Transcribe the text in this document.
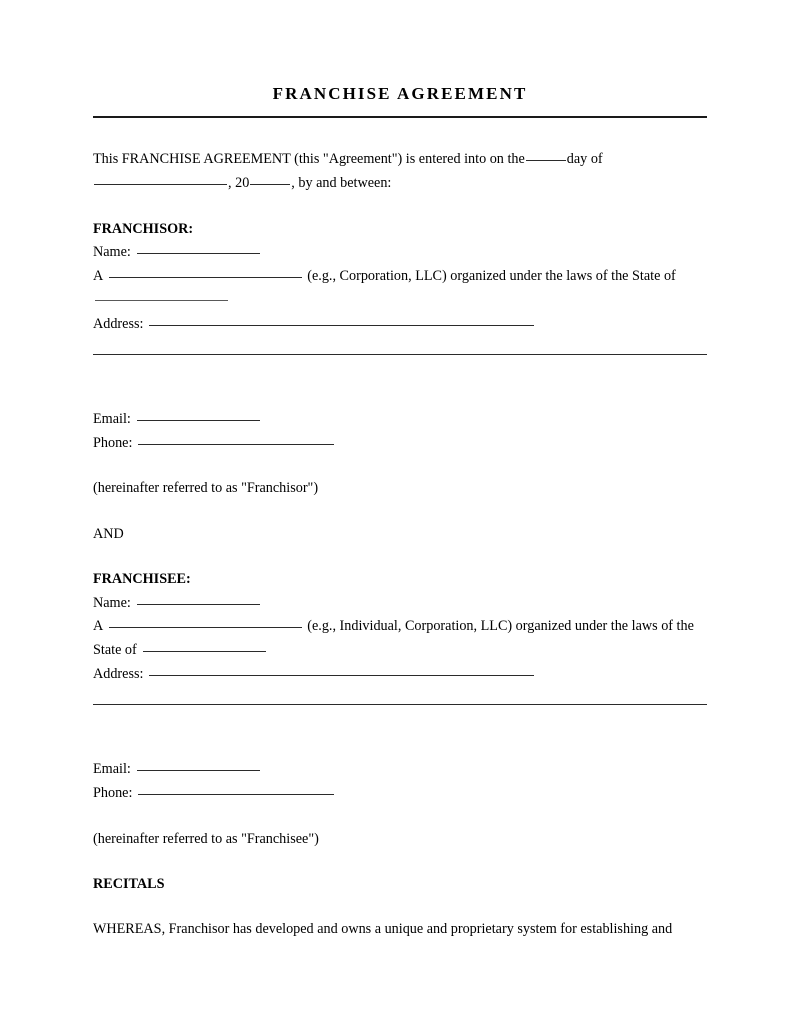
FRANCHISE AGREEMENT
This FRANCHISE AGREEMENT (this "Agreement") is entered into on the	day of
, 20	, by and between:
FRANCHISOR:
Name:
A	(e.g., Corporation, LLC) organized under the laws of the State of
Address:
Email:
Phone:
(hereinafter referred to as "Franchisor")
AND
FRANCHISEE:
Name:
A	(e.g., Individual, Corporation, LLC) organized under the laws of the
State of
Address:
Email:
Phone:
(hereinafter referred to as "Franchisee")
RECITALS
WHEREAS, Franchisor has developed and owns a unique and proprietary system for establishing and
